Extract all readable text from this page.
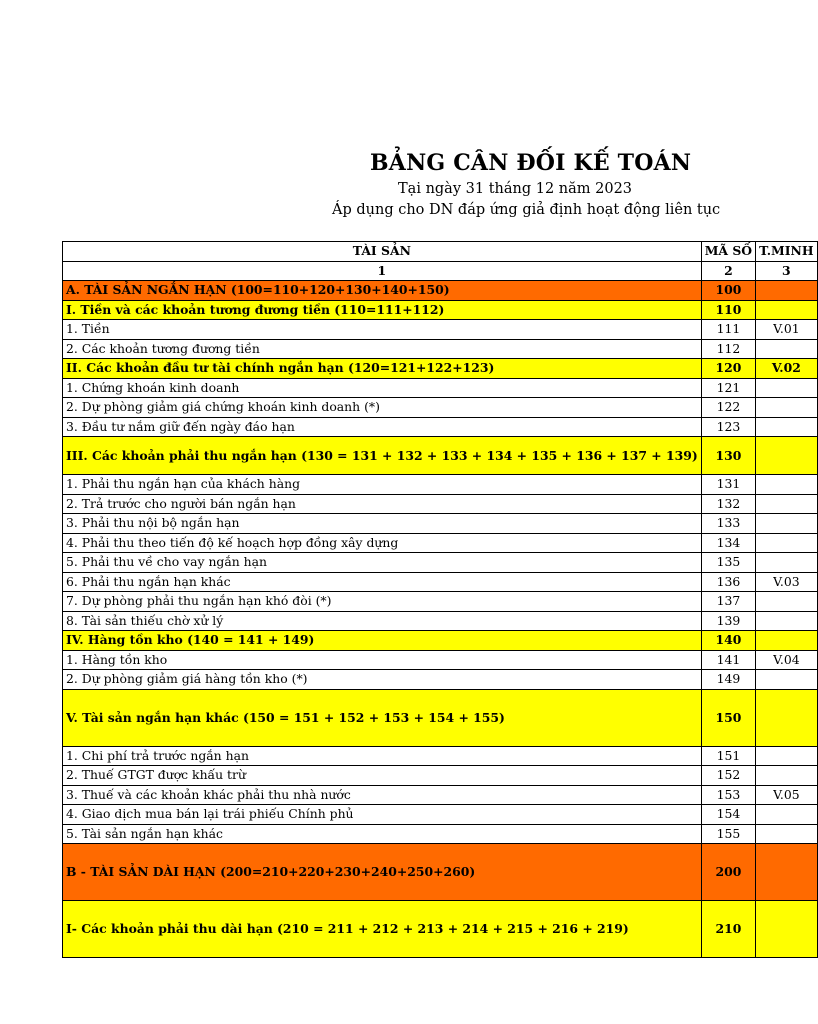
BẢNG CÂN ĐỐI KẾ TOÁN
Tại ngày 31 tháng 12 năm 2023
Áp dụng cho DN đáp ứng giả định hoạt động liên tục
TÀI SẢN	MÃ SỐ	T.MINH
1	2	3
A. TÀI SẢN NGẮN HẠN (100=110+120+130+140+150)	100	
I. Tiền và các khoản tương đương tiền (110=111+112)	110	
1. Tiền	111	V.01
2. Các khoản tương đương tiền	112	
II. Các khoản đầu tư tài chính ngắn hạn (120=121+122+123)	120	V.02
1. Chứng khoán kinh doanh	121	
2. Dự phòng giảm giá chứng khoán kinh doanh (*)	122	
3. Đầu tư nắm giữ đến ngày đáo hạn	123	
III. Các khoản phải thu ngắn hạn (130 = 131 + 132 + 133 + 134 + 135 + 136 + 137 + 139)	130	
1. Phải thu ngắn hạn của khách hàng	131	
2. Trả trước cho người bán ngắn hạn	132	
3. Phải thu nội bộ ngắn hạn	133	
4. Phải thu theo tiến độ kế hoạch hợp đồng xây dựng	134	
5. Phải thu về cho vay ngắn hạn	135	
6. Phải thu ngắn hạn khác	136	V.03
7. Dự phòng phải thu ngắn hạn khó đòi (*)	137	
8. Tài sản thiếu chờ xử lý	139	
IV. Hàng tồn kho (140 = 141 + 149)	140	
1. Hàng tồn kho	141	V.04
2. Dự phòng giảm giá hàng tồn kho (*)	149	
V. Tài sản ngắn hạn khác (150 = 151 + 152 + 153 + 154 + 155)	150	
1. Chi phí trả trước ngắn hạn	151	
2. Thuế GTGT được khấu trừ	152	
3. Thuế và các khoản khác phải thu nhà nước	153	V.05
4. Giao dịch mua bán lại trái phiếu Chính phủ	154	
5. Tài sản ngắn hạn khác	155	
B - TÀI SẢN DÀI HẠN (200=210+220+230+240+250+260)	200	
I- Các khoản phải thu dài hạn (210 = 211 + 212 + 213 + 214 + 215 + 216 + 219)	210	
